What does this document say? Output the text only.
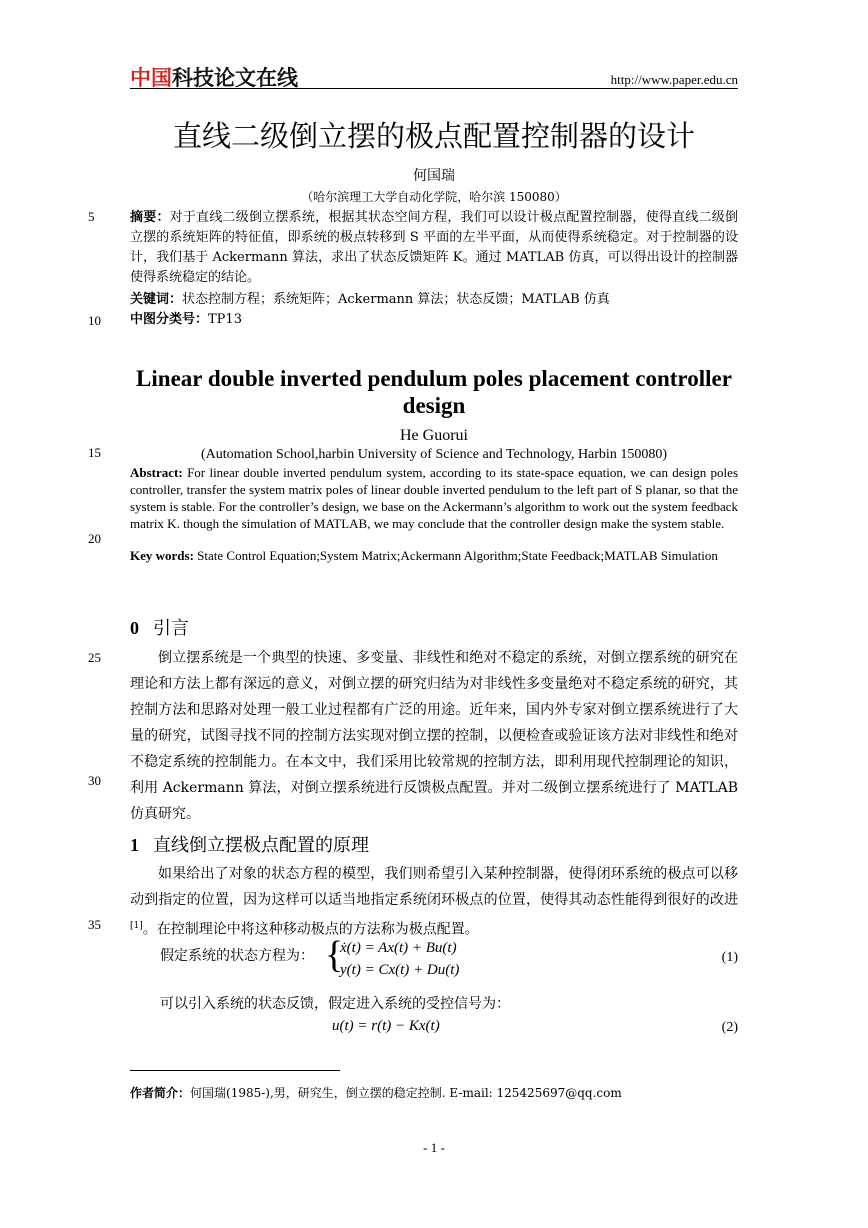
中国科技论文在线	http://www.paper.edu.cn
直线二级倒立摆的极点配置控制器的设计
何国瑞
（哈尔滨理工大学自动化学院，哈尔滨 150080）
5
10
15
20
25
30
35
摘要：对于直线二级倒立摆系统，根据其状态空间方程，我们可以设计极点配置控制器，使得直线二级倒立摆的系统矩阵的特征值，即系统的极点转移到 S 平面的左半平面，从而使得系统稳定。对于控制器的设计，我们基于 Ackermann 算法，求出了状态反馈矩阵 K。通过 MATLAB 仿真，可以得出设计的控制器使得系统稳定的结论。
关键词：状态控制方程；系统矩阵；Ackermann 算法；状态反馈；MATLAB 仿真
中图分类号：TP13
Linear double inverted pendulum poles placement controller design
He Guorui
(Automation School,harbin University of Science and Technology, Harbin 150080)
Abstract: For linear double inverted pendulum system, according to its state-space equation, we can design poles controller, transfer the system matrix poles of linear double inverted pendulum to the left part of S planar, so that the system is stable. For the controller’s design, we base on the Ackermann’s algorithm to work out the system feedback matrix K. though the simulation of MATLAB, we may conclude that the controller design make the system stable.
Key words: State Control Equation;System Matrix;Ackermann Algorithm;State Feedback;MATLAB Simulation
0 引言
倒立摆系统是一个典型的快速、多变量、非线性和绝对不稳定的系统，对倒立摆系统的研究在理论和方法上都有深远的意义，对倒立摆的研究归结为对非线性多变量绝对不稳定系统的研究，其控制方法和思路对处理一般工业过程都有广泛的用途。近年来，国内外专家对倒立摆系统进行了大量的研究，试图寻找不同的控制方法实现对倒立摆的控制，以便检查或验证该方法对非线性和绝对不稳定系统的控制能力。在本文中，我们采用比较常规的控制方法，即利用现代控制理论的知识，利用 Ackermann 算法，对倒立摆系统进行反馈极点配置。并对二级倒立摆系统进行了 MATLAB 仿真研究。
1 直线倒立摆极点配置的原理
如果给出了对象的状态方程的模型，我们则希望引入某种控制器，使得闭环系统的极点可以移动到指定的位置，因为这样可以适当地指定系统闭环极点的位置，使得其动态性能得到很好的改进[1]。在控制理论中将这种移动极点的方法称为极点配置。
假定系统的状态方程为： {
ẋ(t) = Ax(t) + Bu(t)
y(t) = Cx(t) + Du(t)
(1)
可以引入系统的状态反馈，假定进入系统的受控信号为：
u(t) = r(t) − Kx(t)	(2)
作者简介：何国瑞(1985-),男，研究生，倒立摆的稳定控制. E-mail: 125425697@qq.com
- 1 -
